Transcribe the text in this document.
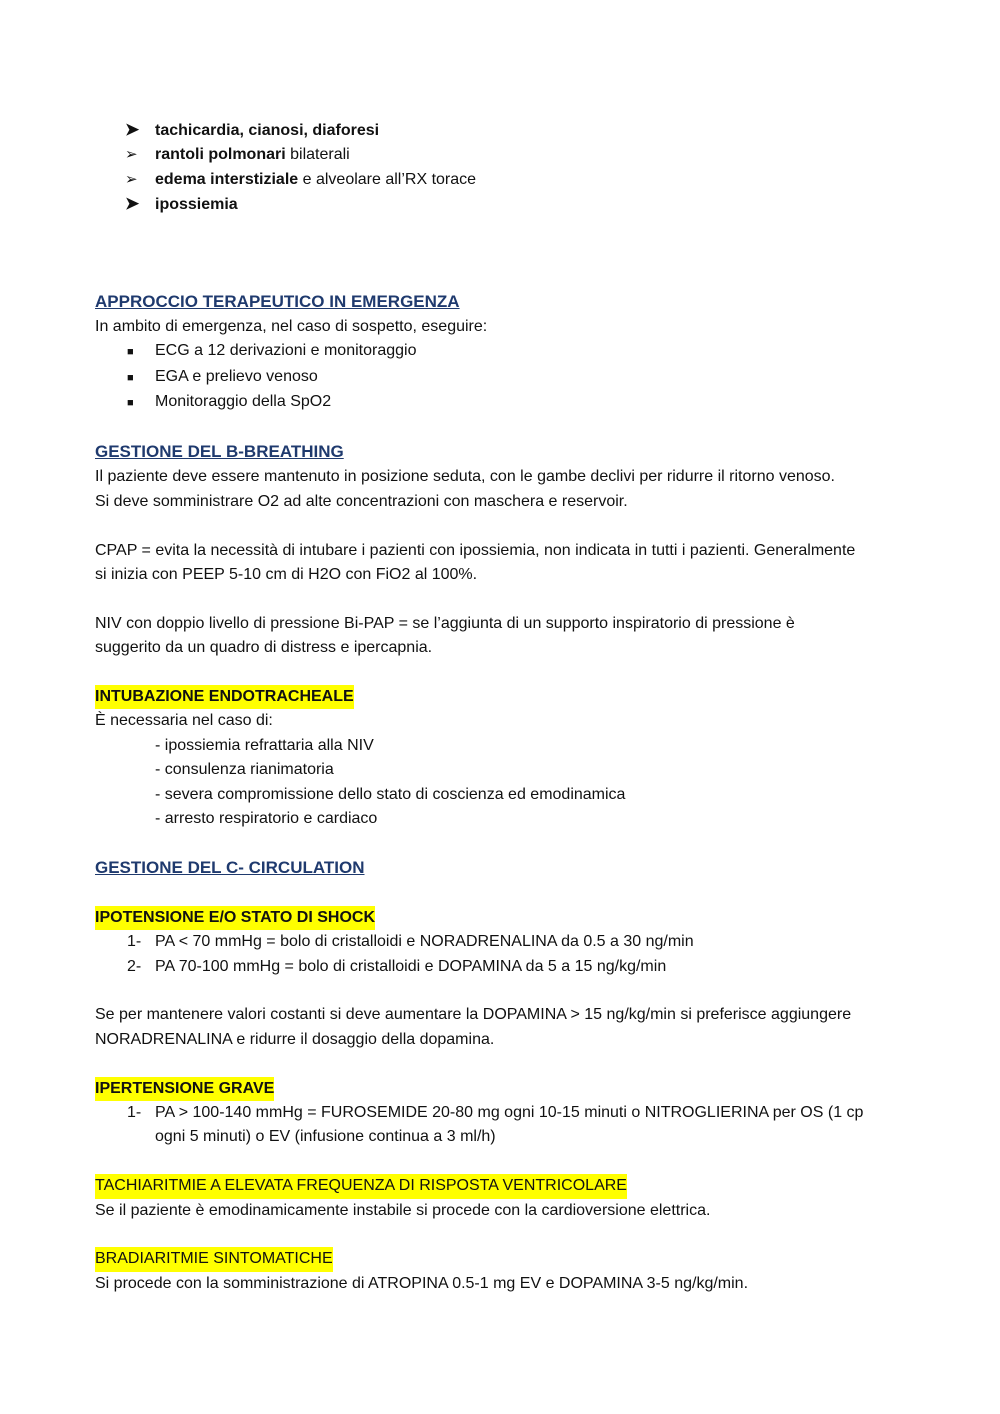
➤ tachicardia, cianosi, diaforesi
➢	rantoli polmonari bilaterali
➢	edema interstiziale e alveolare all’RX torace
➤ ipossiemia
APPROCCIO TERAPEUTICO IN EMERGENZA

In ambito di emergenza, nel caso di sospetto, eseguire:

■	ECG a 12 derivazioni e monitoraggio
■	EGA e prelievo venoso
■	Monitoraggio della SpO2
GESTIONE DEL B-BREATHING

Il paziente deve essere mantenuto in posizione seduta, con le gambe declivi per ridurre il ritorno venoso.

Si deve somministrare O2 ad alte concentrazioni con maschera e reservoir.

CPAP = evita la necessità di intubare i pazienti con ipossiemia, non indicata in tutti i pazienti. Generalmente

si inizia con PEEP 5-10 cm di H2O con FiO2 al 100%.

NIV con doppio livello di pressione Bi-PAP = se l’aggiunta di un supporto inspiratorio di pressione è

suggerito da un quadro di distress e ipercapnia.

INTUBAZIONE ENDOTRACHEALE

È necessaria nel caso di:

- ipossiemia refrattaria alla NIV

- consulenza rianimatoria

- severa compromissione dello stato di coscienza ed emodinamica

- arresto respiratorio e cardiaco

GESTIONE DEL C- CIRCULATION
IPOTENSIONE E/O STATO DI SHOCK
1- PA < 70 mmHg = bolo di cristalloidi e NORADRENALINA da 0.5 a 30 ng/min
2- PA 70-100 mmHg = bolo di cristalloidi e DOPAMINA da 5 a 15 ng/kg/min

Se per mantenere valori costanti si deve aumentare la DOPAMINA > 15 ng/kg/min si preferisce aggiungere

NORADRENALINA e ridurre il dosaggio della dopamina.

IPERTENSIONE GRAVE
1- PA > 100-140 mmHg = FUROSEMIDE 20-80 mg ogni 10-15 minuti o NITROGLIERINA per OS (1 cp

ogni 5 minuti) o EV (infusione continua a 3 ml/h)

TACHIARITMIE A ELEVATA FREQUENZA DI RISPOSTA VENTRICOLARE

Se il paziente è emodinamicamente instabile si procede con la cardioversione elettrica.

BRADIARITMIE SINTOMATICHE

Si procede con la somministrazione di ATROPINA 0.5-1 mg EV e DOPAMINA 3-5 ng/kg/min.
